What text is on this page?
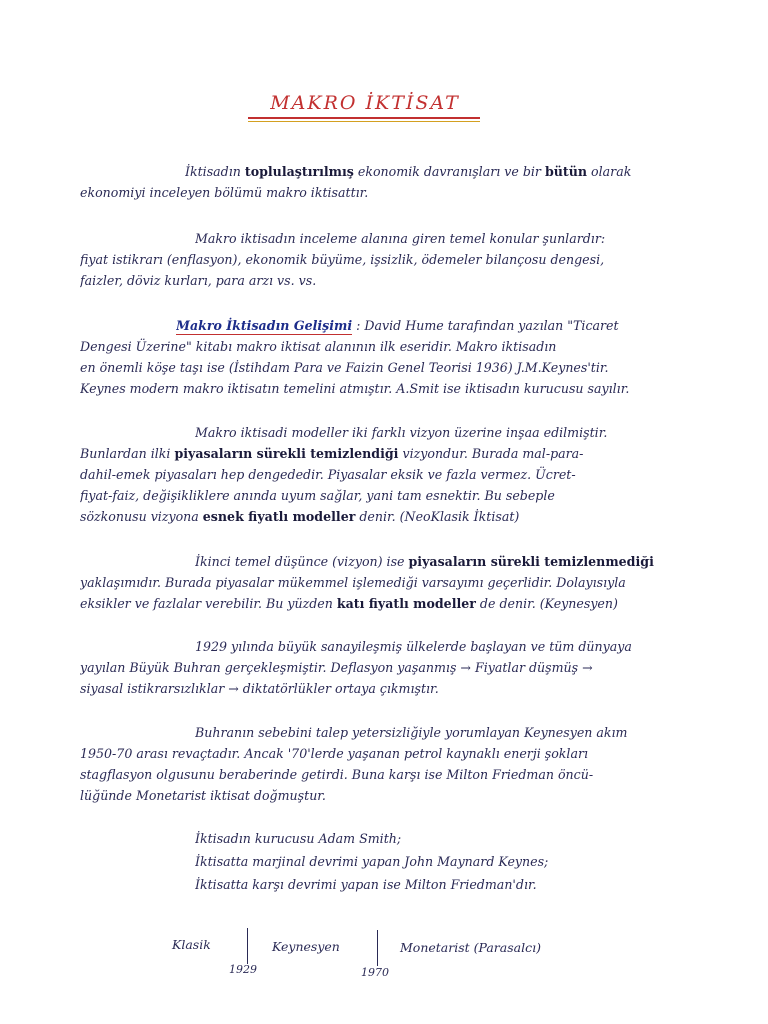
MAKRO İKTİSAT
İktisadın toplulaştırılmış ekonomik davranışları ve bir bütün olarak
ekonomiyi inceleyen bölümü makro iktisattır.
Makro iktisadın inceleme alanına giren temel konular şunlardır:
fiyat istikrarı (enflasyon), ekonomik büyüme, işsizlik, ödemeler bilançosu dengesi,
faizler, döviz kurları, para arzı vs. vs.
Makro İktisadın Gelişimi : David Hume tarafından yazılan "Ticaret
Dengesi Üzerine" kitabı makro iktisat alanının ilk eseridir. Makro iktisadın
en önemli köşe taşı ise (İstihdam Para ve Faizin Genel Teorisi 1936) J.M.Keynes'tir.
Keynes modern makro iktisatın temelini atmıştır. A.Smit ise iktisadın kurucusu sayılır.
Makro iktisadi modeller iki farklı vizyon üzerine inşaa edilmiştir.
Bunlardan ilki piyasaların sürekli temizlendiği vizyondur. Burada mal-para-
dahil-emek piyasaları hep dengededir. Piyasalar eksik ve fazla vermez. Ücret-
fiyat-faiz, değişikliklere anında uyum sağlar, yani tam esnektir. Bu sebeple
sözkonusu vizyona esnek fiyatlı modeller denir. (NeoKlasik İktisat)
İkinci temel düşünce (vizyon) ise piyasaların sürekli temizlenmediği
yaklaşımıdır. Burada piyasalar mükemmel işlemediği varsayımı geçerlidir. Dolayısıyla
eksikler ve fazlalar verebilir. Bu yüzden katı fiyatlı modeller de denir. (Keynesyen)
1929 yılında büyük sanayileşmiş ülkelerde başlayan ve tüm dünyaya
yayılan Büyük Buhran gerçekleşmiştir. Deflasyon yaşanmış → Fiyatlar düşmüş →
siyasal istikrarsızlıklar → diktatörlükler ortaya çıkmıştır.
Buhranın sebebini talep yetersizliğiyle yorumlayan Keynesyen akım
1950-70 arası revaçtadır. Ancak '70'lerde yaşanan petrol kaynaklı enerji şokları
stagflasyon olgusunu beraberinde getirdi. Buna karşı ise Milton Friedman öncü-
lüğünde Monetarist iktisat doğmuştur.
İktisadın kurucusu Adam Smith;
İktisatta marjinal devrimi yapan John Maynard Keynes;
İktisatta karşı devrimi yapan ise Milton Friedman'dır.
Klasik
1929
Keynesyen
1970
Monetarist (Parasalcı)
